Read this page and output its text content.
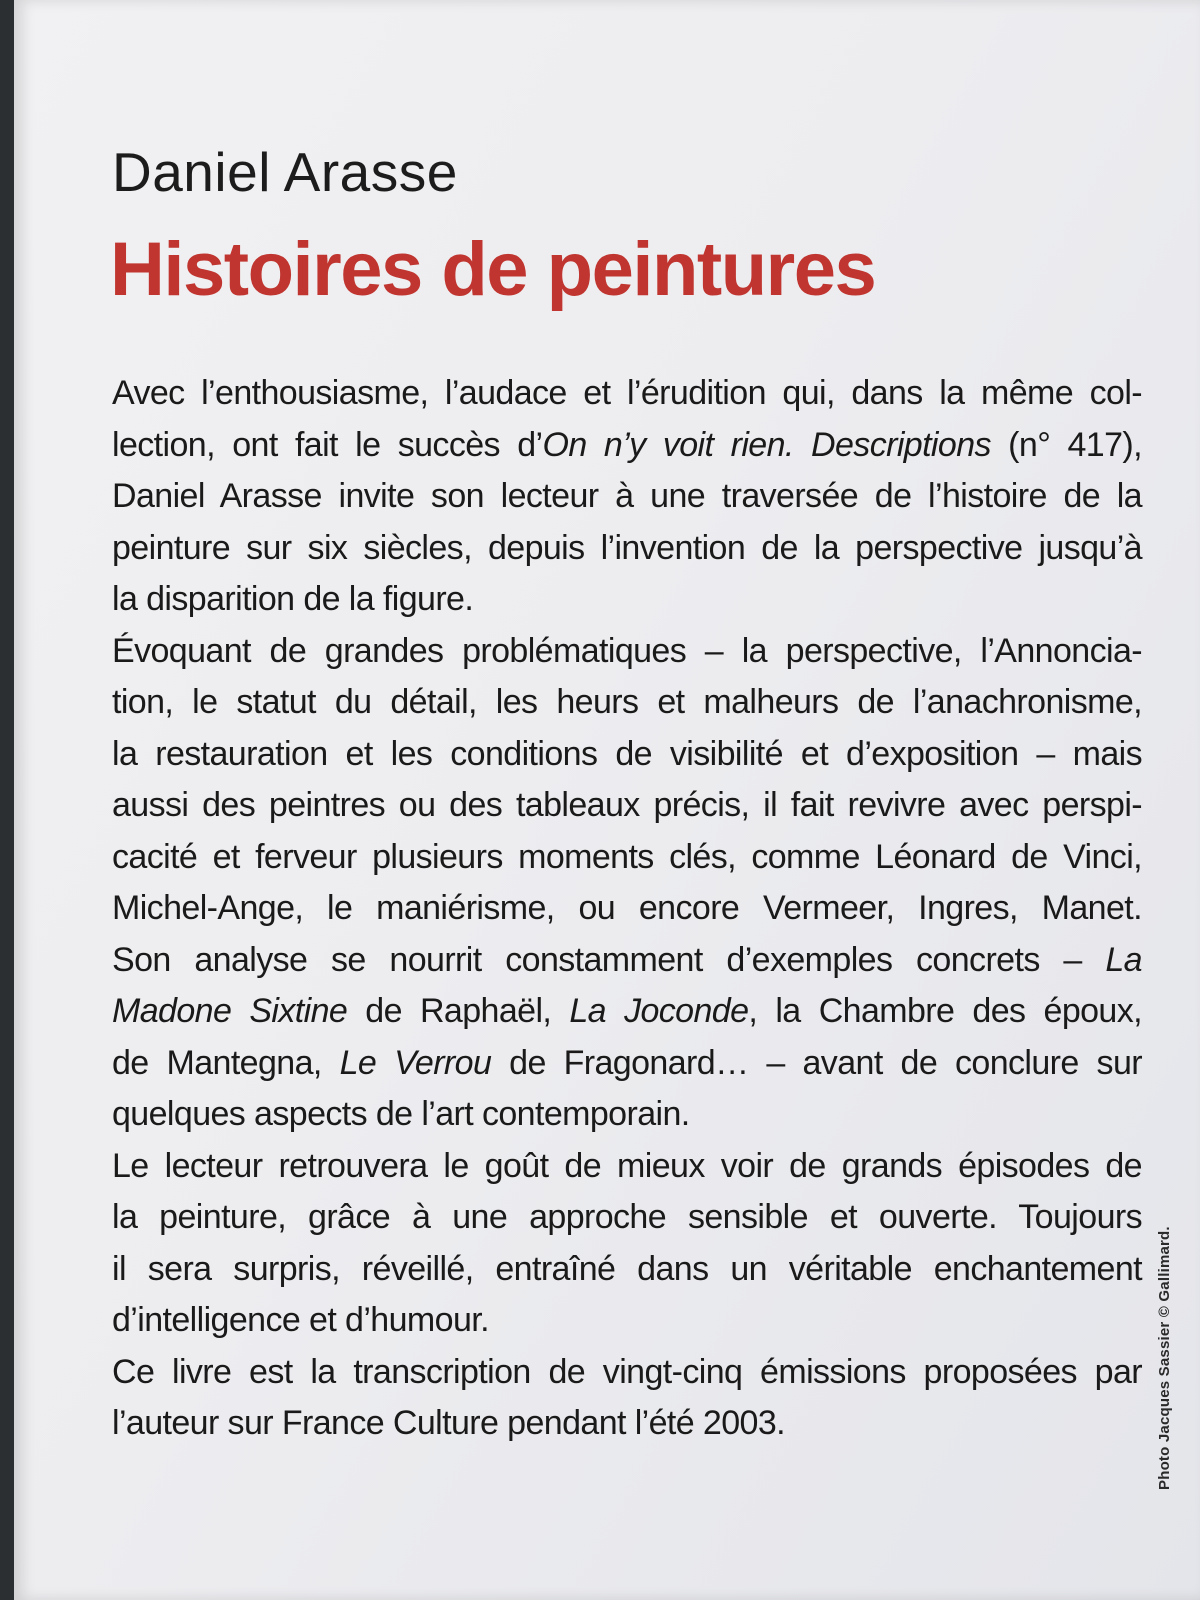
Daniel Arasse
Histoires de peintures
Avec l’enthousiasme, l’audace et l’érudition qui, dans la même col-
lection, ont fait le succès d’On n’y voit rien. Descriptions (n° 417),
Daniel Arasse invite son lecteur à une traversée de l’histoire de la
peinture sur six siècles, depuis l’invention de la perspective jusqu’à
la disparition de la figure.
Évoquant de grandes problématiques – la perspective, l’Annoncia-
tion, le statut du détail, les heurs et malheurs de l’anachronisme,
la restauration et les conditions de visibilité et d’exposition – mais
aussi des peintres ou des tableaux précis, il fait revivre avec perspi-
cacité et ferveur plusieurs moments clés, comme Léonard de Vinci,
Michel-Ange, le maniérisme, ou encore Vermeer, Ingres, Manet.
Son analyse se nourrit constamment d’exemples concrets – La
Madone Sixtine de Raphaël, La Joconde, la Chambre des époux,
de Mantegna, Le Verrou de Fragonard… – avant de conclure sur
quelques aspects de l’art contemporain.
Le lecteur retrouvera le goût de mieux voir de grands épisodes de
la peinture, grâce à une approche sensible et ouverte. Toujours
il sera surpris, réveillé, entraîné dans un véritable enchantement
d’intelligence et d’humour.
Ce livre est la transcription de vingt-cinq émissions proposées par
l’auteur sur France Culture pendant l’été 2003.	Photo Jacques Sassier © Gallimard.
